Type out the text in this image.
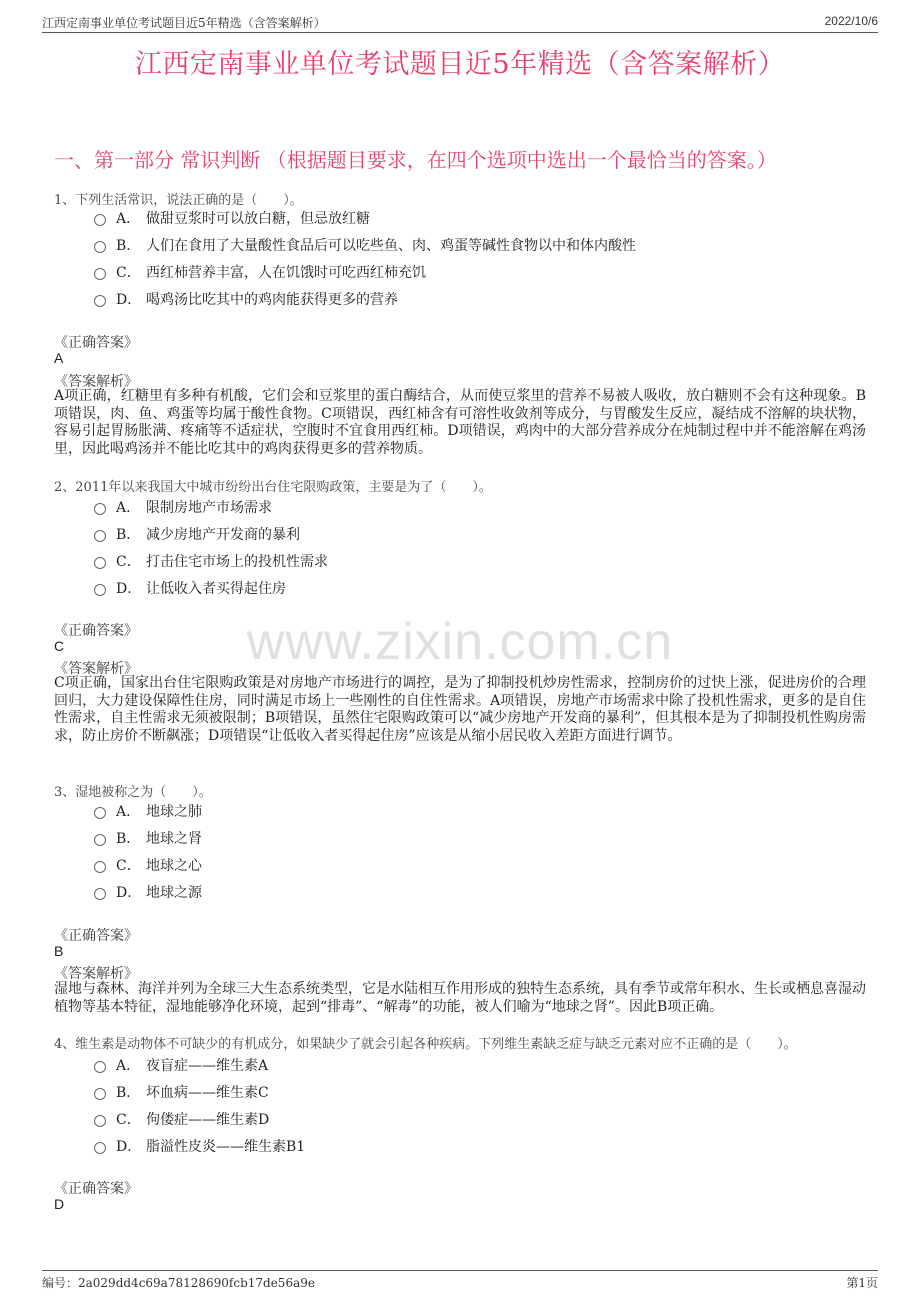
江西定南事业单位考试题目近5年精选（含答案解析）	2022/10/6
江西定南事业单位考试题目近5年精选（含答案解析）
一、第一部分 常识判断 （根据题目要求，在四个选项中选出一个最恰当的答案。）
www.zixin.com.cn
1、下列生活常识，说法正确的是（　　）。
A． 做甜豆浆时可以放白糖，但忌放红糖
B． 人们在食用了大量酸性食品后可以吃些鱼、肉、鸡蛋等碱性食物以中和体内酸性
C． 西红柿营养丰富，人在饥饿时可吃西红柿充饥
D． 喝鸡汤比吃其中的鸡肉能获得更多的营养
《正确答案》
A
《答案解析》
A项正确，红糖里有多种有机酸，它们会和豆浆里的蛋白酶结合，从而使豆浆里的营养不易被人吸收，放白糖则不会有这种现象。B项错误，肉、鱼、鸡蛋等均属于酸性食物。C项错误，西红柿含有可溶性收敛剂等成分，与胃酸发生反应，凝结成不溶解的块状物，容易引起胃肠胀满、疼痛等不适症状，空腹时不宜食用西红柿。D项错误，鸡肉中的大部分营养成分在炖制过程中并不能溶解在鸡汤里，因此喝鸡汤并不能比吃其中的鸡肉获得更多的营养物质。
2、2011年以来我国大中城市纷纷出台住宅限购政策，主要是为了（　　）。
A． 限制房地产市场需求
B． 减少房地产开发商的暴利
C． 打击住宅市场上的投机性需求
D． 让低收入者买得起住房
《正确答案》
C
《答案解析》
C项正确，国家出台住宅限购政策是对房地产市场进行的调控，是为了抑制投机炒房性需求，控制房价的过快上涨，促进房价的合理回归，大力建设保障性住房，同时满足市场上一些刚性的自住性需求。A项错误，房地产市场需求中除了投机性需求，更多的是自住性需求，自主性需求无须被限制；B项错误，虽然住宅限购政策可以“减少房地产开发商的暴利”，但其根本是为了抑制投机性购房需求，防止房价不断飙涨；D项错误“让低收入者买得起住房”应该是从缩小居民收入差距方面进行调节。
3、湿地被称之为（　　）。
A． 地球之肺
B． 地球之肾
C． 地球之心
D． 地球之源
《正确答案》
B
《答案解析》
湿地与森林、海洋并列为全球三大生态系统类型，它是水陆相互作用形成的独特生态系统，具有季节或常年积水、生长或栖息喜湿动植物等基本特征，湿地能够净化环境，起到“排毒”、“解毒”的功能，被人们喻为“地球之肾”。因此B项正确。
4、维生素是动物体不可缺少的有机成分，如果缺少了就会引起各种疾病。下列维生素缺乏症与缺乏元素对应不正确的是（　　）。
A． 夜盲症——维生素A
B． 坏血病——维生素C
C． 佝偻症——维生素D
D． 脂溢性皮炎——维生素B1
《正确答案》
D
编号：2a029dd4c69a78128690fcb17de56a9e	第1页
